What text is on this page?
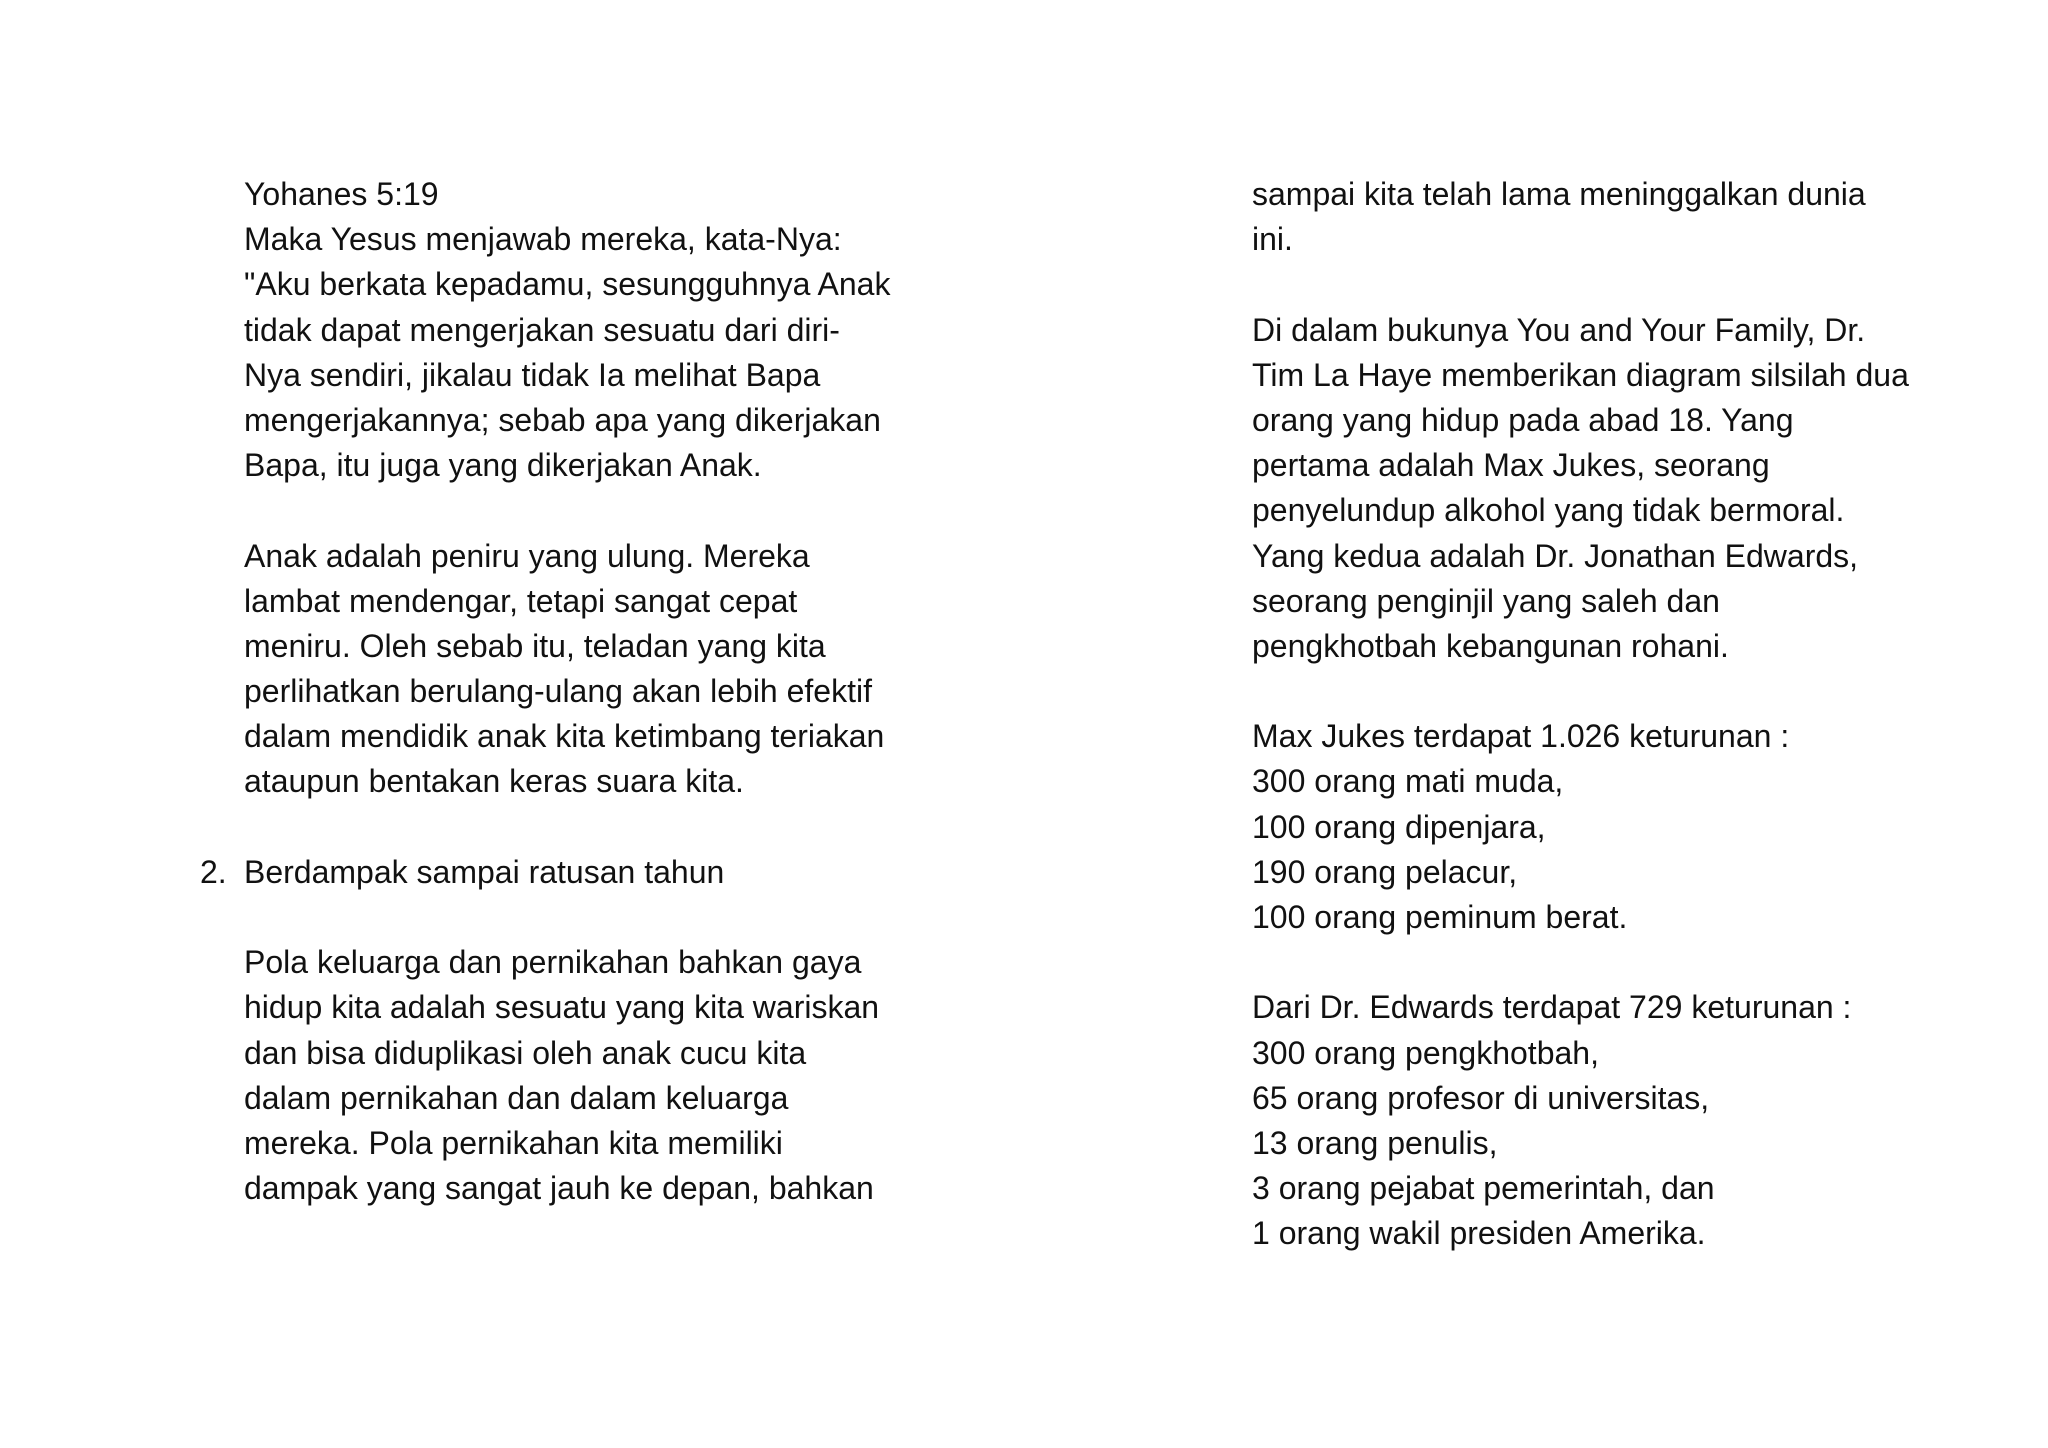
Yohanes 5:19
Maka Yesus menjawab mereka, kata-Nya:
"Aku berkata kepadamu, sesungguhnya Anak
tidak dapat mengerjakan sesuatu dari diri-
Nya sendiri, jikalau tidak Ia melihat Bapa
mengerjakannya; sebab apa yang dikerjakan
Bapa, itu juga yang dikerjakan Anak.
Anak adalah peniru yang ulung. Mereka
lambat mendengar, tetapi sangat cepat
meniru. Oleh sebab itu, teladan yang kita
perlihatkan berulang-ulang akan lebih efektif
dalam mendidik anak kita ketimbang teriakan
ataupun bentakan keras suara kita.
2. Berdampak sampai ratusan tahun
Pola keluarga dan pernikahan bahkan gaya
hidup kita adalah sesuatu yang kita wariskan
dan bisa diduplikasi oleh anak cucu kita
dalam pernikahan dan dalam keluarga
mereka. Pola pernikahan kita memiliki
dampak yang sangat jauh ke depan, bahkan
sampai kita telah lama meninggalkan dunia
ini.
Di dalam bukunya You and Your Family, Dr.
Tim La Haye memberikan diagram silsilah dua
orang yang hidup pada abad 18. Yang
pertama adalah Max Jukes, seorang
penyelundup alkohol yang tidak bermoral.
Yang kedua adalah Dr. Jonathan Edwards,
seorang penginjil yang saleh dan
pengkhotbah kebangunan rohani.
Max Jukes terdapat 1.026 keturunan :
300 orang mati muda,
100 orang dipenjara,
190 orang pelacur,
100 orang peminum berat.
Dari Dr. Edwards terdapat 729 keturunan :
300 orang pengkhotbah,
65 orang profesor di universitas,
13 orang penulis,
3 orang pejabat pemerintah, dan
1 orang wakil presiden Amerika.
